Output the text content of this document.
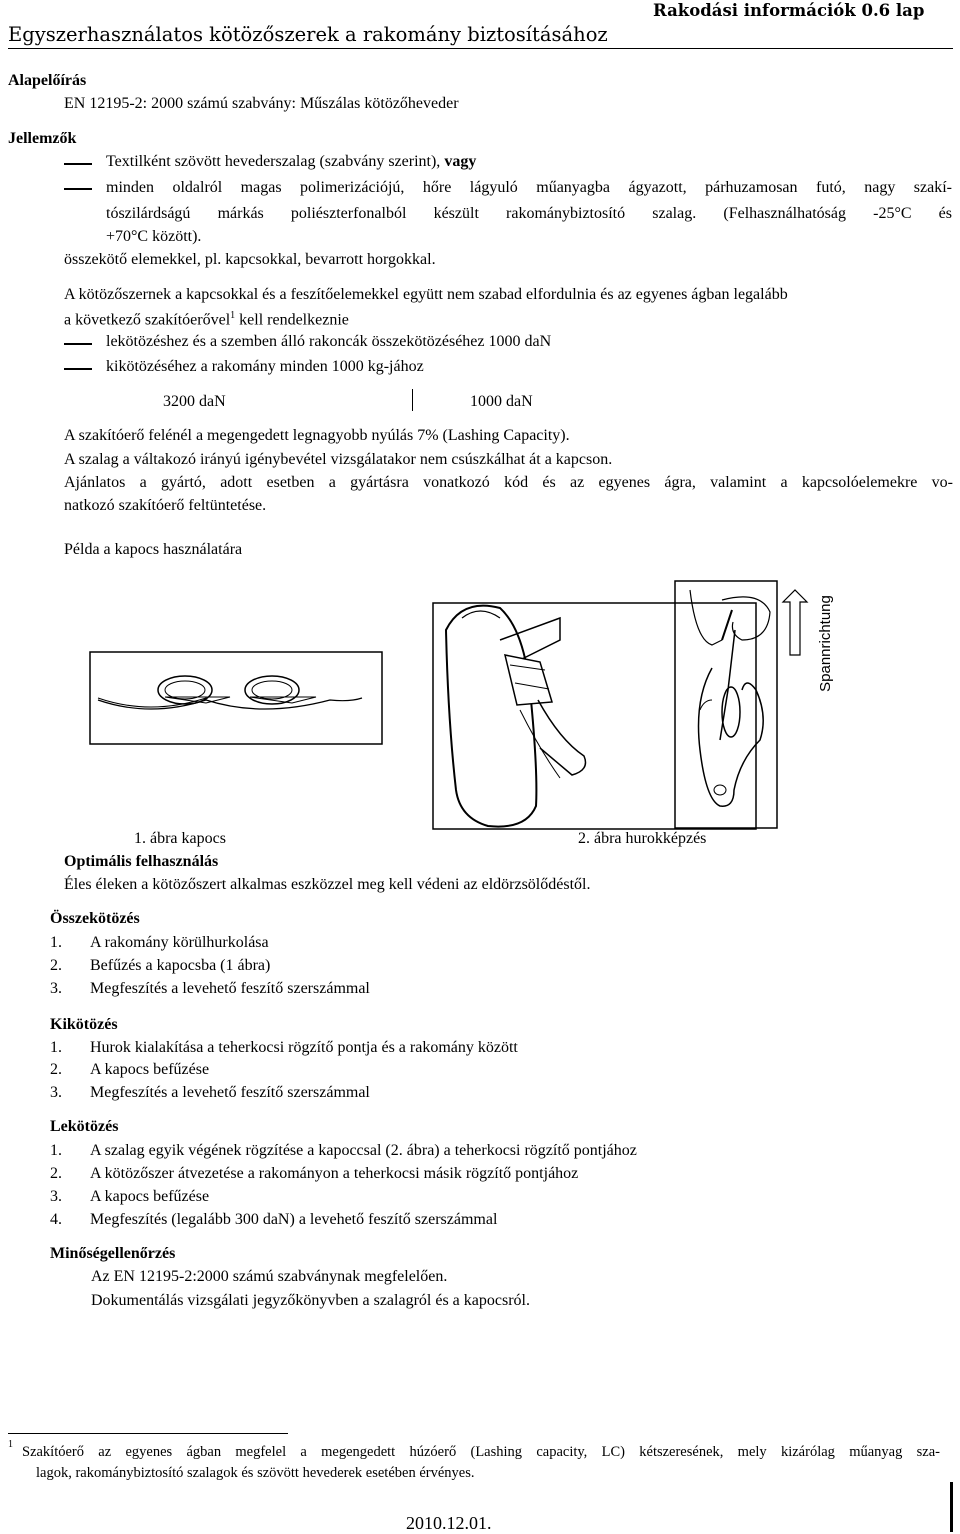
Egyszerhasználatos kötözőszerek a rakomány biztosításához
Rakodási információk 0.6 lap
Alapelőírás
EN 12195-2: 2000 számú szabvány: Műszálas kötözőheveder
Jellemzők
Textilként szövött hevederszalag (szabvány szerint), vagy
minden oldalról magas polimerizációjú, hőre lágyuló műanyagba ágyazott, párhuzamosan futó, nagy szakí-
tószilárdságú márkás poliészterfonalból készült rakománybiztosító szalag. (Felhasználhatóság -25°C és
+70°C között).
összekötő elemekkel, pl. kapcsokkal, bevarrott horgokkal.
A kötözőszernek a kapcsokkal és a feszítőelemekkel együtt nem szabad elfordulnia és az egyenes ágban legalább
a következő szakítóerővel$^1$ kell rendelkeznie
lekötözéshez és a szemben álló rakoncák összekötözéséhez 1000 daN
kikötözéséhez a rakomány minden 1000 kg-jához
3200 daN	1000 daN
A szakítóerő felénél a megengedett legnagyobb nyúlás 7% (Lashing Capacity).
A szalag a váltakozó irányú igénybevétel vizsgálatakor nem csúszkálhat át a kapcson.
Ajánlatos a gyártó, adott esetben a gyártásra vonatkozó kód és az egyenes ágra, valamint a kapcsolóelemekre vo-
natkozó szakítóerő feltüntetése.
Példa a kapocs használatára
Spannrichtung
1. ábra kapocs	2. ábra hurokképzés
Optimális felhasználás
Éles éleken a kötözőszert alkalmas eszközzel meg kell védeni az eldörzsölődéstől.
Összekötözés
1. A rakomány körülhurkolása
2. Befűzés a kapocsba (1 ábra)
3. Megfeszítés a levehető feszítő szerszámmal
Kikötözés
1. Hurok kialakítása a teherkocsi rögzítő pontja és a rakomány között
2. A kapocs befűzése
3. Megfeszítés a levehető feszítő szerszámmal
Lekötözés
1. A szalag egyik végének rögzítése a kapoccsal (2. ábra) a teherkocsi rögzítő pontjához
2. A kötözőszer átvezetése a rakományon a teherkocsi másik rögzítő pontjához
3. A kapocs befűzése
4. Megfeszítés (legalább 300 daN) a levehető feszítő szerszámmal
Minőségellenőrzés
Az EN 12195-2:2000 számú szabványnak megfelelően.
Dokumentálás vizsgálati jegyzőkönyvben a szalagról és a kapocsról.
1 Szakítóerő az egyenes ágban megfelel a megengedett húzóerő (Lashing capacity, LC) kétszeresének, mely kizárólag műanyag sza-
lagok, rakománybiztosító szalagok és szövött hevederek esetében érvényes.
2010.12.01.
